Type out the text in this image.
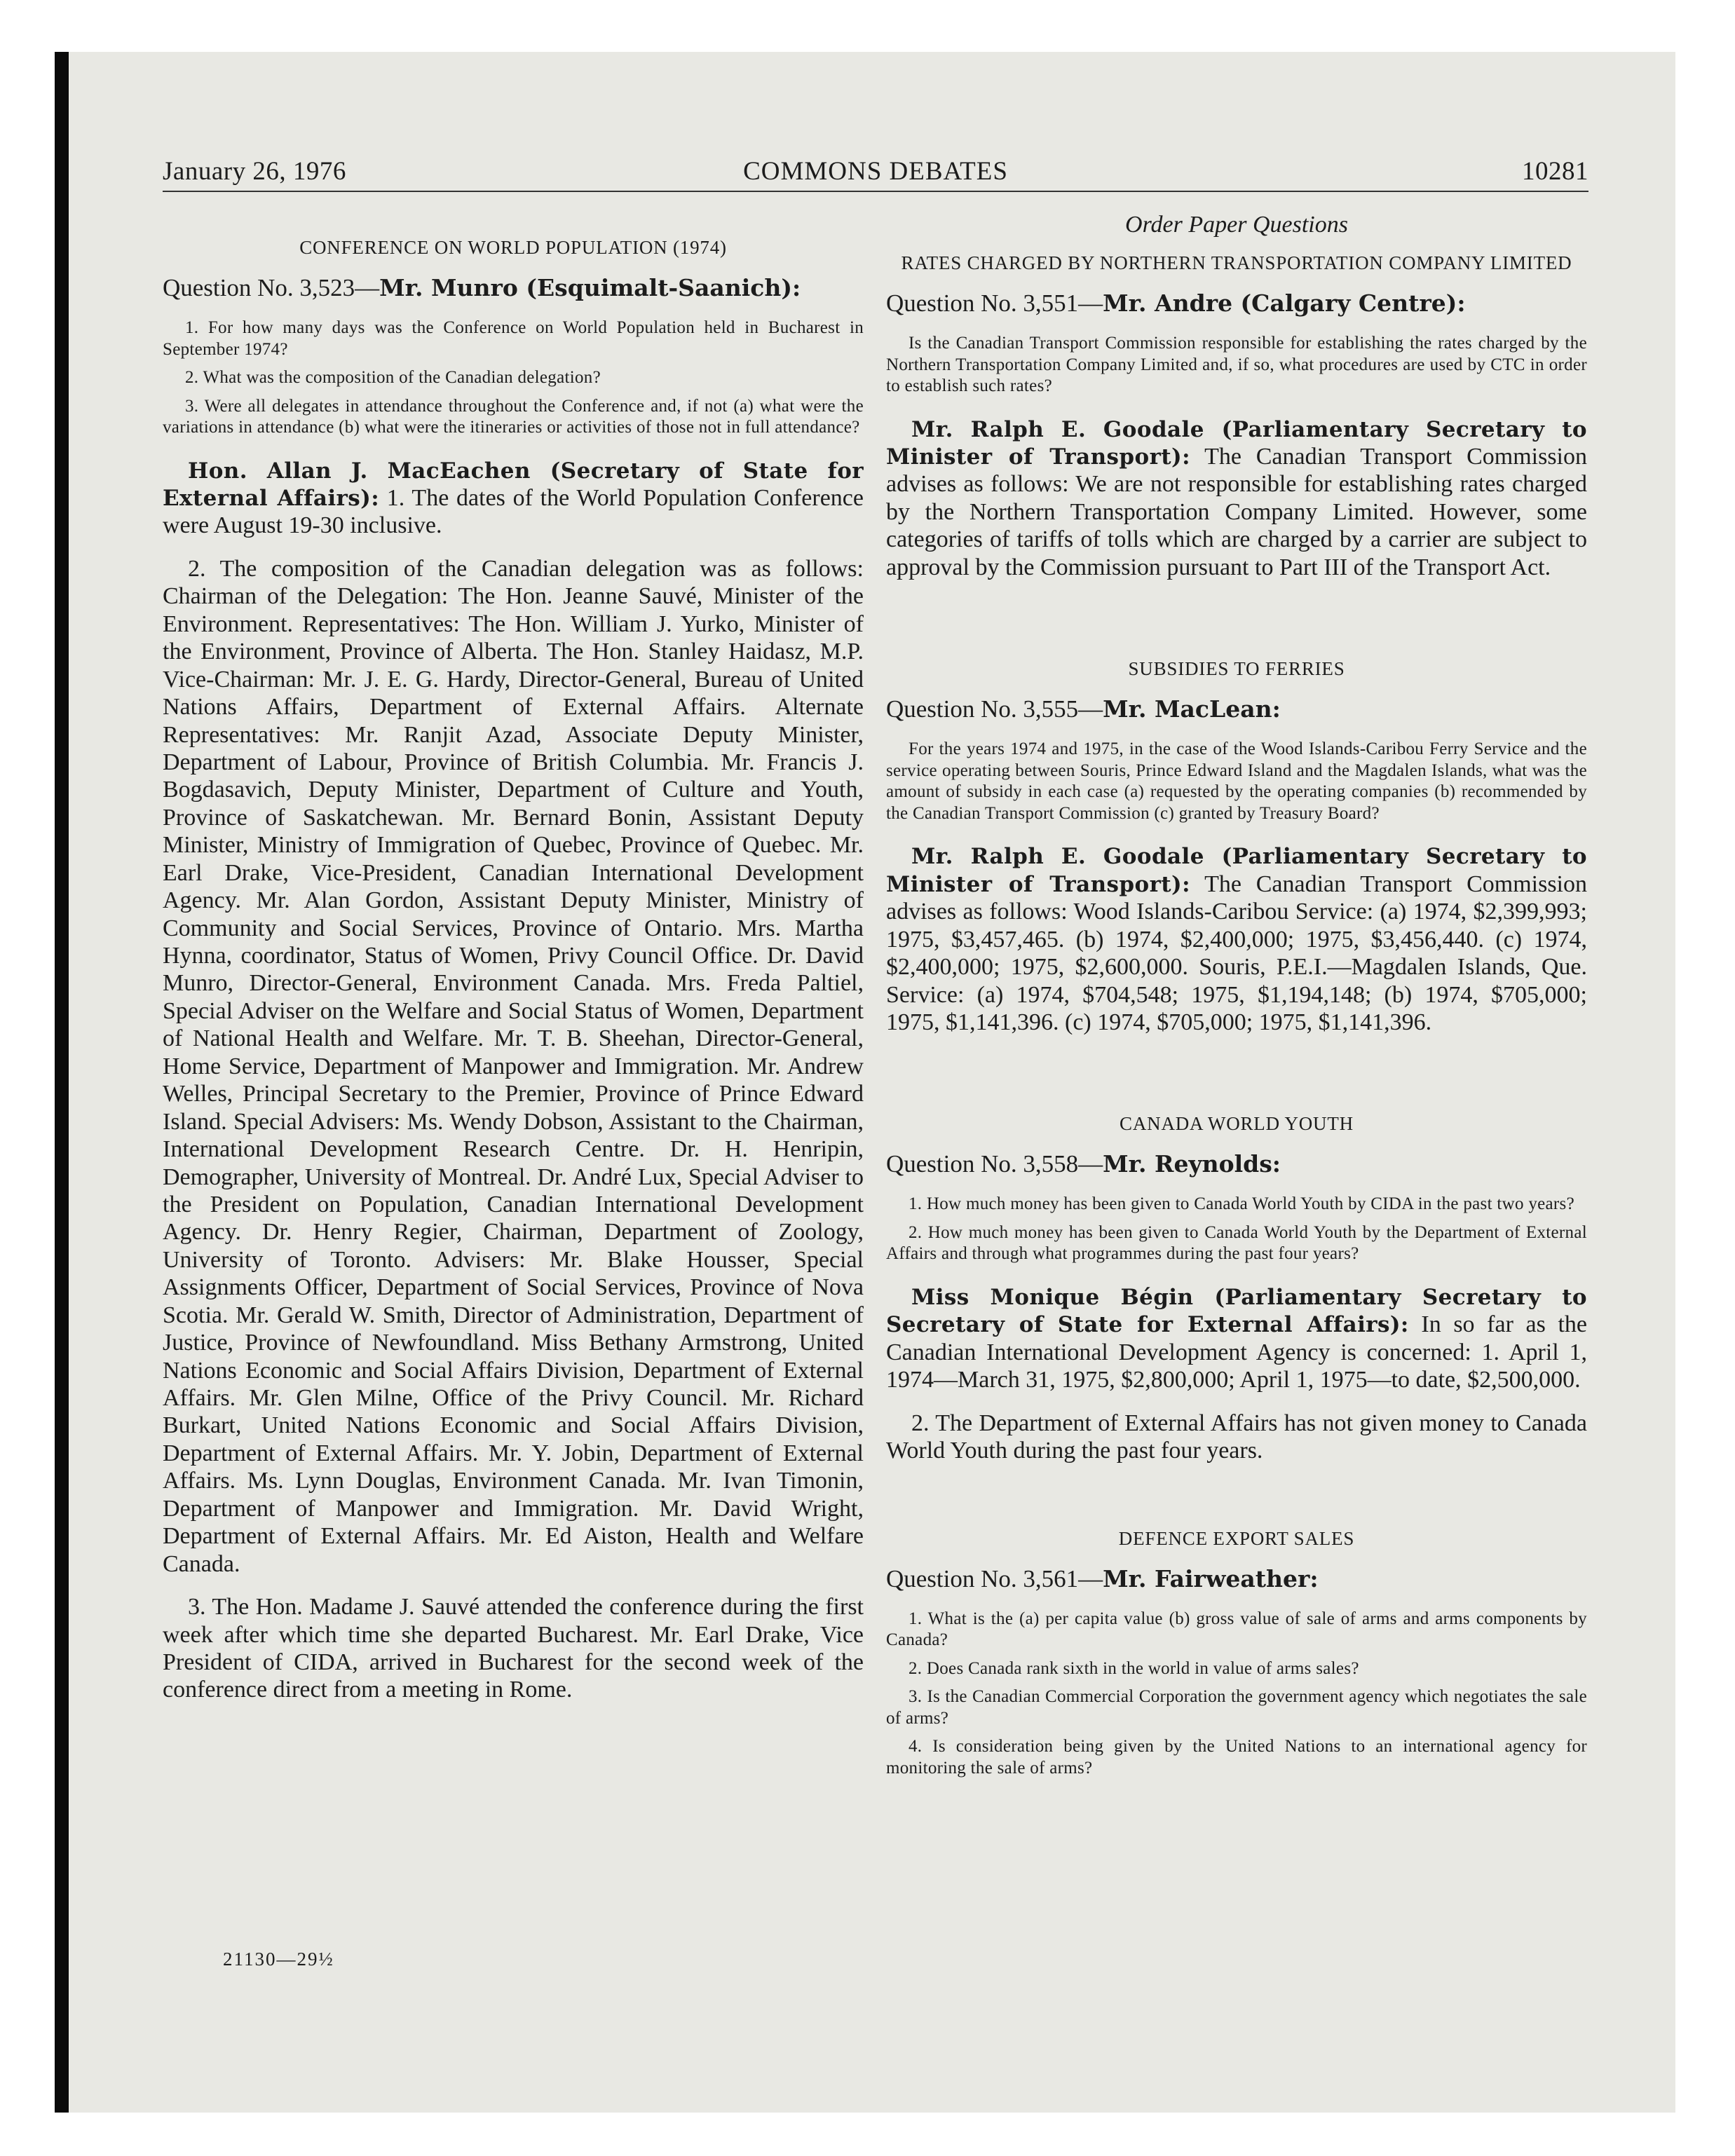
January 26, 1976	COMMONS DEBATES	10281
CONFERENCE ON WORLD POPULATION (1974)
Question No. 3,523—Mr. Munro (Esquimalt-Saanich):

1. For how many days was the Conference on World Population held in Bucharest in September 1974?

2. What was the composition of the Canadian delegation?

3. Were all delegates in attendance throughout the Conference and, if not (a) what were the variations in attendance (b) what were the itineraries or activities of those not in full attendance?

Hon. Allan J. MacEachen (Secretary of State for External Affairs): 1. The dates of the World Population Conference were August 19-30 inclusive.

2. The composition of the Canadian delegation was as follows: Chairman of the Delegation: The Hon. Jeanne Sauvé, Minister of the Environment. Representatives: The Hon. William J. Yurko, Minister of the Environment, Province of Alberta. The Hon. Stanley Haidasz, M.P. Vice-Chairman: Mr. J. E. G. Hardy, Director-General, Bureau of United Nations Affairs, Department of External Affairs. Alternate Representatives: Mr. Ranjit Azad, Associate Deputy Minister, Department of Labour, Province of British Columbia. Mr. Francis J. Bogdasavich, Deputy Minister, Department of Culture and Youth, Province of Saskatchewan. Mr. Bernard Bonin, Assistant Deputy Minister, Ministry of Immigration of Quebec, Province of Quebec. Mr. Earl Drake, Vice-President, Canadian International Development Agency. Mr. Alan Gordon, Assistant Deputy Minister, Ministry of Community and Social Services, Province of Ontario. Mrs. Martha Hynna, coordinator, Status of Women, Privy Council Office. Dr. David Munro, Director-General, Environment Canada. Mrs. Freda Paltiel, Special Adviser on the Welfare and Social Status of Women, Department of National Health and Welfare. Mr. T. B. Sheehan, Director-General, Home Service, Department of Manpower and Immigration. Mr. Andrew Welles, Principal Secretary to the Premier, Province of Prince Edward Island. Special Advisers: Ms. Wendy Dobson, Assistant to the Chairman, International Development Research Centre. Dr. H. Henripin, Demographer, University of Montreal. Dr. André Lux, Special Adviser to the President on Population, Canadian International Development Agency. Dr. Henry Regier, Chairman, Department of Zoology, University of Toronto. Advisers: Mr. Blake Housser, Special Assignments Officer, Department of Social Services, Province of Nova Scotia. Mr. Gerald W. Smith, Director of Administration, Department of Justice, Province of Newfoundland. Miss Bethany Armstrong, United Nations Economic and Social Affairs Division, Department of External Affairs. Mr. Glen Milne, Office of the Privy Council. Mr. Richard Burkart, United Nations Economic and Social Affairs Division, Department of External Affairs. Mr. Y. Jobin, Department of External Affairs. Ms. Lynn Douglas, Environment Canada. Mr. Ivan Timonin, Department of Manpower and Immigration. Mr. David Wright, Department of External Affairs. Mr. Ed Aiston, Health and Welfare Canada.

3. The Hon. Madame J. Sauvé attended the conference during the first week after which time she departed Bucharest. Mr. Earl Drake, Vice President of CIDA, arrived in Bucharest for the second week of the conference direct from a meeting in Rome.

Order Paper Questions
RATES CHARGED BY NORTHERN TRANSPORTATION COMPANY LIMITED
Question No. 3,551—Mr. Andre (Calgary Centre):

Is the Canadian Transport Commission responsible for establishing the rates charged by the Northern Transportation Company Limited and, if so, what procedures are used by CTC in order to establish such rates?

Mr. Ralph E. Goodale (Parliamentary Secretary to Minister of Transport): The Canadian Transport Commission advises as follows: We are not responsible for establishing rates charged by the Northern Transportation Company Limited. However, some categories of tariffs of tolls which are charged by a carrier are subject to approval by the Commission pursuant to Part III of the Transport Act.

SUBSIDIES TO FERRIES
Question No. 3,555—Mr. MacLean:

For the years 1974 and 1975, in the case of the Wood Islands-Caribou Ferry Service and the service operating between Souris, Prince Edward Island and the Magdalen Islands, what was the amount of subsidy in each case (a) requested by the operating companies (b) recommended by the Canadian Transport Commission (c) granted by Treasury Board?

Mr. Ralph E. Goodale (Parliamentary Secretary to Minister of Transport): The Canadian Transport Commission advises as follows: Wood Islands-Caribou Service: (a) 1974, $2,399,993; 1975, $3,457,465. (b) 1974, $2,400,000; 1975, $3,456,440. (c) 1974, $2,400,000; 1975, $2,600,000. Souris, P.E.I.—Magdalen Islands, Que. Service: (a) 1974, $704,548; 1975, $1,194,148; (b) 1974, $705,000; 1975, $1,141,396. (c) 1974, $705,000; 1975, $1,141,396.

CANADA WORLD YOUTH
Question No. 3,558—Mr. Reynolds:

1. How much money has been given to Canada World Youth by CIDA in the past two years?

2. How much money has been given to Canada World Youth by the Department of External Affairs and through what programmes during the past four years?

Miss Monique Bégin (Parliamentary Secretary to Secretary of State for External Affairs): In so far as the Canadian International Development Agency is concerned: 1. April 1, 1974—March 31, 1975, $2,800,000; April 1, 1975—to date, $2,500,000.

2. The Department of External Affairs has not given money to Canada World Youth during the past four years.

DEFENCE EXPORT SALES
Question No. 3,561—Mr. Fairweather:

1. What is the (a) per capita value (b) gross value of sale of arms and arms components by Canada?

2. Does Canada rank sixth in the world in value of arms sales?

3. Is the Canadian Commercial Corporation the government agency which negotiates the sale of arms?

4. Is consideration being given by the United Nations to an international agency for monitoring the sale of arms?

21130—29½
